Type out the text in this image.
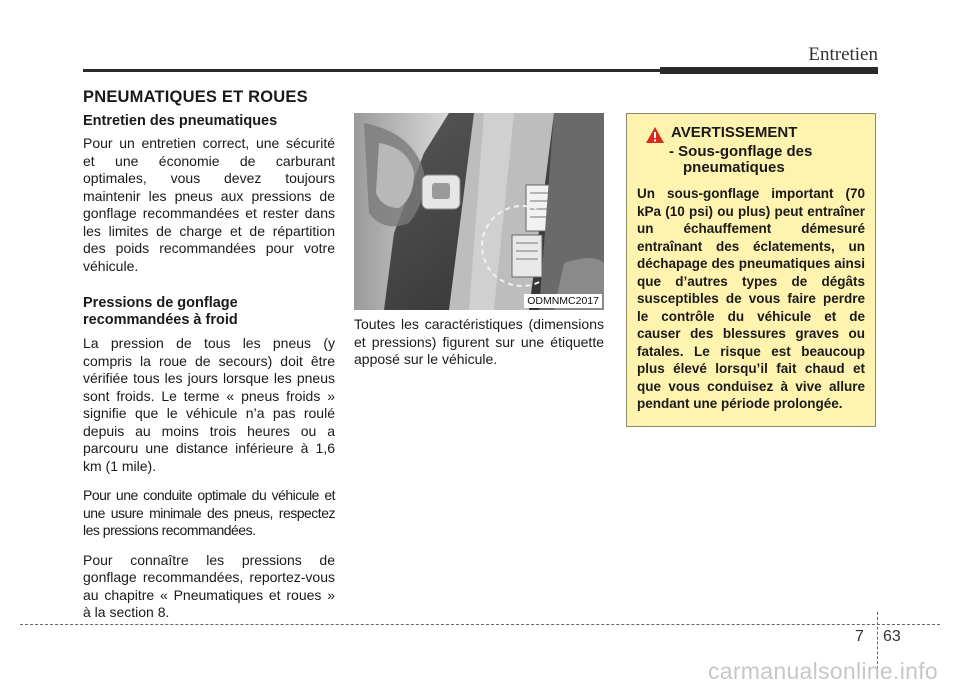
Entretien
PNEUMATIQUES ET ROUES
Entretien des pneumatiques

Pour un entretien correct, une sécurité et une économie de carburant optimales, vous devez toujours maintenir les pneus aux pressions de gonflage recommandées et rester dans les limites de charge et de répartition des poids recommandées pour votre véhicule.

Pressions de gonflage
recommandées à froid

La pression de tous les pneus (y compris la roue de secours) doit être vérifiée tous les jours lorsque les pneus sont froids. Le terme « pneus froids » signifie que le véhicule n’a pas roulé depuis au moins trois heures ou a parcouru une distance inférieure à 1,6 km (1 mile).

Pour une conduite optimale du véhicule et une usure minimale des pneus, respectez les pressions recommandées.

Pour connaître les pressions de gonflage recommandées, reportez-vous au chapitre « Pneumatiques et roues » à la section 8.

ODMNMC2017

Toutes les caractéristiques (dimensions et pressions) figurent sur une étiquette apposé sur le véhicule.

AVERTISSEMENT
- Sous-gonflage des
pneumatiques
Un sous-gonflage important (70 kPa (10 psi) ou plus) peut entraîner un échauffement démesuré entraînant des éclatements, un déchapage des pneumatiques ainsi que d’autres types de dégâts susceptibles de vous faire perdre le contrôle du véhicule et de causer des blessures graves ou fatales. Le risque est beaucoup plus élevé lorsqu’il fait chaud et que vous conduisez à vive allure pendant une période prolongée.
7 63
carmanualsonline.info
